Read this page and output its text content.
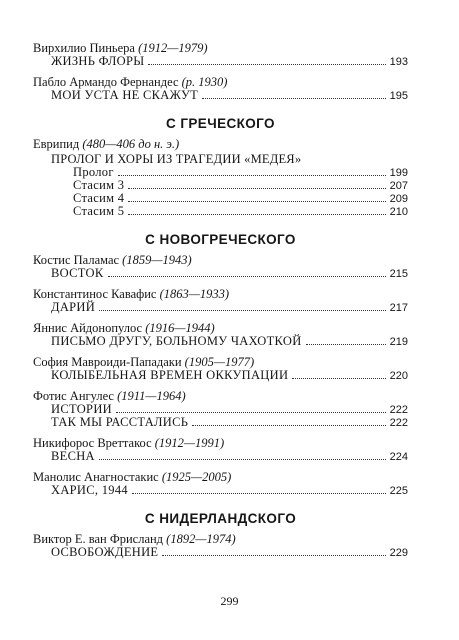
Вирхилио Пиньера (1912—1979)
ЖИЗНЬ ФЛОРЫ	193
Пабло Армандо Фернандес (р. 1930)
МОИ УСТА НЕ СКАЖУТ	195
С ГРЕЧЕСКОГО
Еврипид (480—406 до н. э.)
ПРОЛОГ И ХОРЫ ИЗ ТРАГЕДИИ «МЕДЕЯ»
Пролог	199
Стасим 3	207
Стасим 4	209
Стасим 5	210
С НОВОГРЕЧЕСКОГО
Костис Паламас (1859—1943)
ВОСТОК	215
Константинос Кавафис (1863—1933)
ДАРИЙ	217
Яннис Айдонопулос (1916—1944)
ПИСЬМО ДРУГУ, БОЛЬНОМУ ЧАХОТКОЙ	219
София Мавроиди-Пападаки (1905—1977)
КОЛЫБЕЛЬНАЯ ВРЕМЕН ОККУПАЦИИ	220
Фотис Ангулес (1911—1964)
ИСТОРИИ	222
ТАК МЫ РАССТАЛИСЬ	222
Никифорос Вреттакос (1912—1991)
ВЕСНА	224
Манолис Анагностакис (1925—2005)
ХАРИС, 1944	225
С НИДЕРЛАНДСКОГО
Виктор Е. ван Фрисланд (1892—1974)
ОСВОБОЖДЕНИЕ	229
299
